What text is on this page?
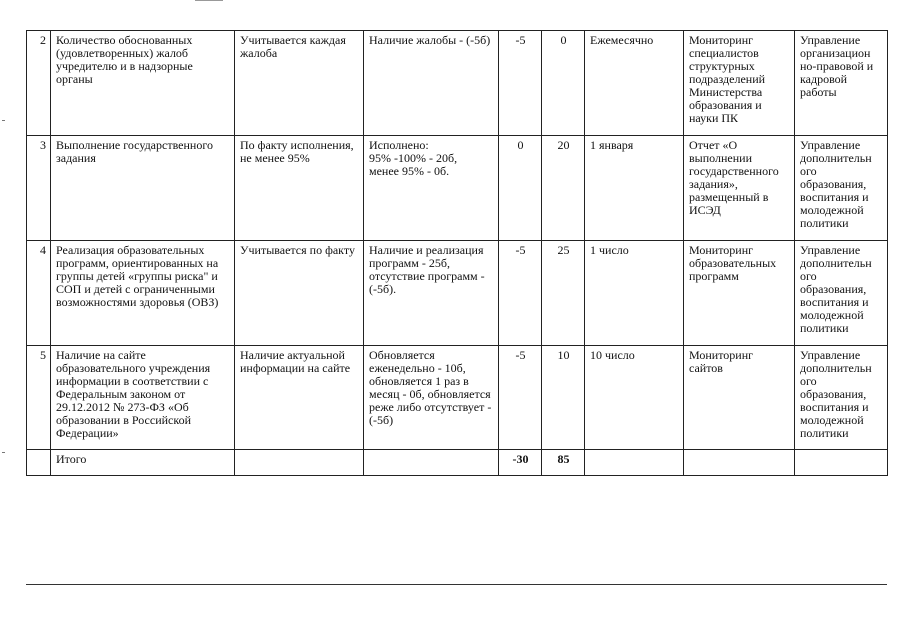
2	Количество обоснованных (удовлетворенных) жалоб учредителю и в надзорные органы	Учитывается каждая жалоба	Наличие жалобы - (-5б)	-5	0	Ежемесячно	Мониторинг специалистов структурных подразделений Министерства образования и науки ПК	Управление организацион но-правовой и кадровой работы
3	Выполнение государственного задания	По факту исполнения, не менее 95%	Исполнено:
95% -100% - 20б,
менее 95% - 0б.	0	20	1 января	Отчет «О выполнении государственного задания», размещенный в ИСЭД	Управление дополнительн ого образования, воспитания и молодежной политики
4	Реализация образовательных программ, ориентированных на группы детей «группы риска" и СОП и детей с ограниченными возможностями здоровья (ОВЗ)	Учитывается по факту	Наличие и реализация программ - 25б, отсутствие программ - (-5б).	-5	25	1 число	Мониторинг образовательных программ	Управление дополнительн ого образования, воспитания и молодежной политики
5	Наличие на сайте образовательного учреждения информации в соответствии с Федеральным законом от 29.12.2012 № 273-ФЗ «Об образовании в Российской Федерации»	Наличие актуальной информации на сайте	Обновляется еженедельно - 10б, обновляется 1 раз в месяц - 0б, обновляется реже либо отсутствует -(-5б)	-5	10	10 число	Мониторинг сайтов	Управление дополнительн ого образования, воспитания и молодежной политики
	Итого			-30	85			
